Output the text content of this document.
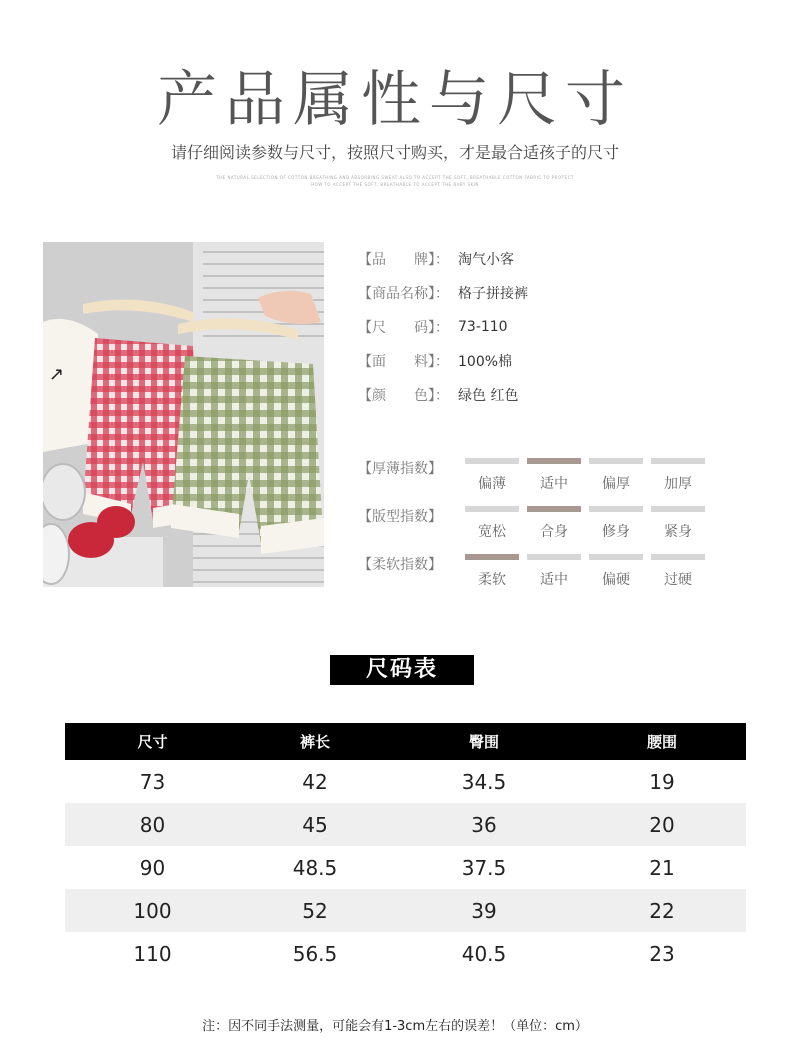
产品属性与尺寸
请仔细阅读参数与尺寸，按照尺寸购买，才是最合适孩子的尺寸
THE NATURAL SELECTION OF COTTON BREATHING AND ABSORBING SWEAT ALSO TO ACCEPT THE SOFT, BREATHABLE COTTON FABRIC TO PROTECT
HOW TO ACCEPT THE SOFT, BREATHABLE TO ACCEPT THE BABY SKIN
↗
【品　　牌】： 淘气小客
【商品名称】： 格子拼接裤
【尺　　码】： 73-110
【面　　料】： 100%棉
【颜　　色】： 绿色 红色
【厚薄指数】
偏薄	适中	偏厚	加厚
【版型指数】
宽松	合身	修身	紧身
【柔软指数】
柔软	适中	偏硬	过硬
尺码表
尺寸	裤长	臀围	腰围
73	42	34.5	19
80	45	36	20
90	48.5	37.5	21
100	52	39	22
110	56.5	40.5	23
注：因不同手法测量，可能会有1-3cm左右的误差！（单位：cm）
